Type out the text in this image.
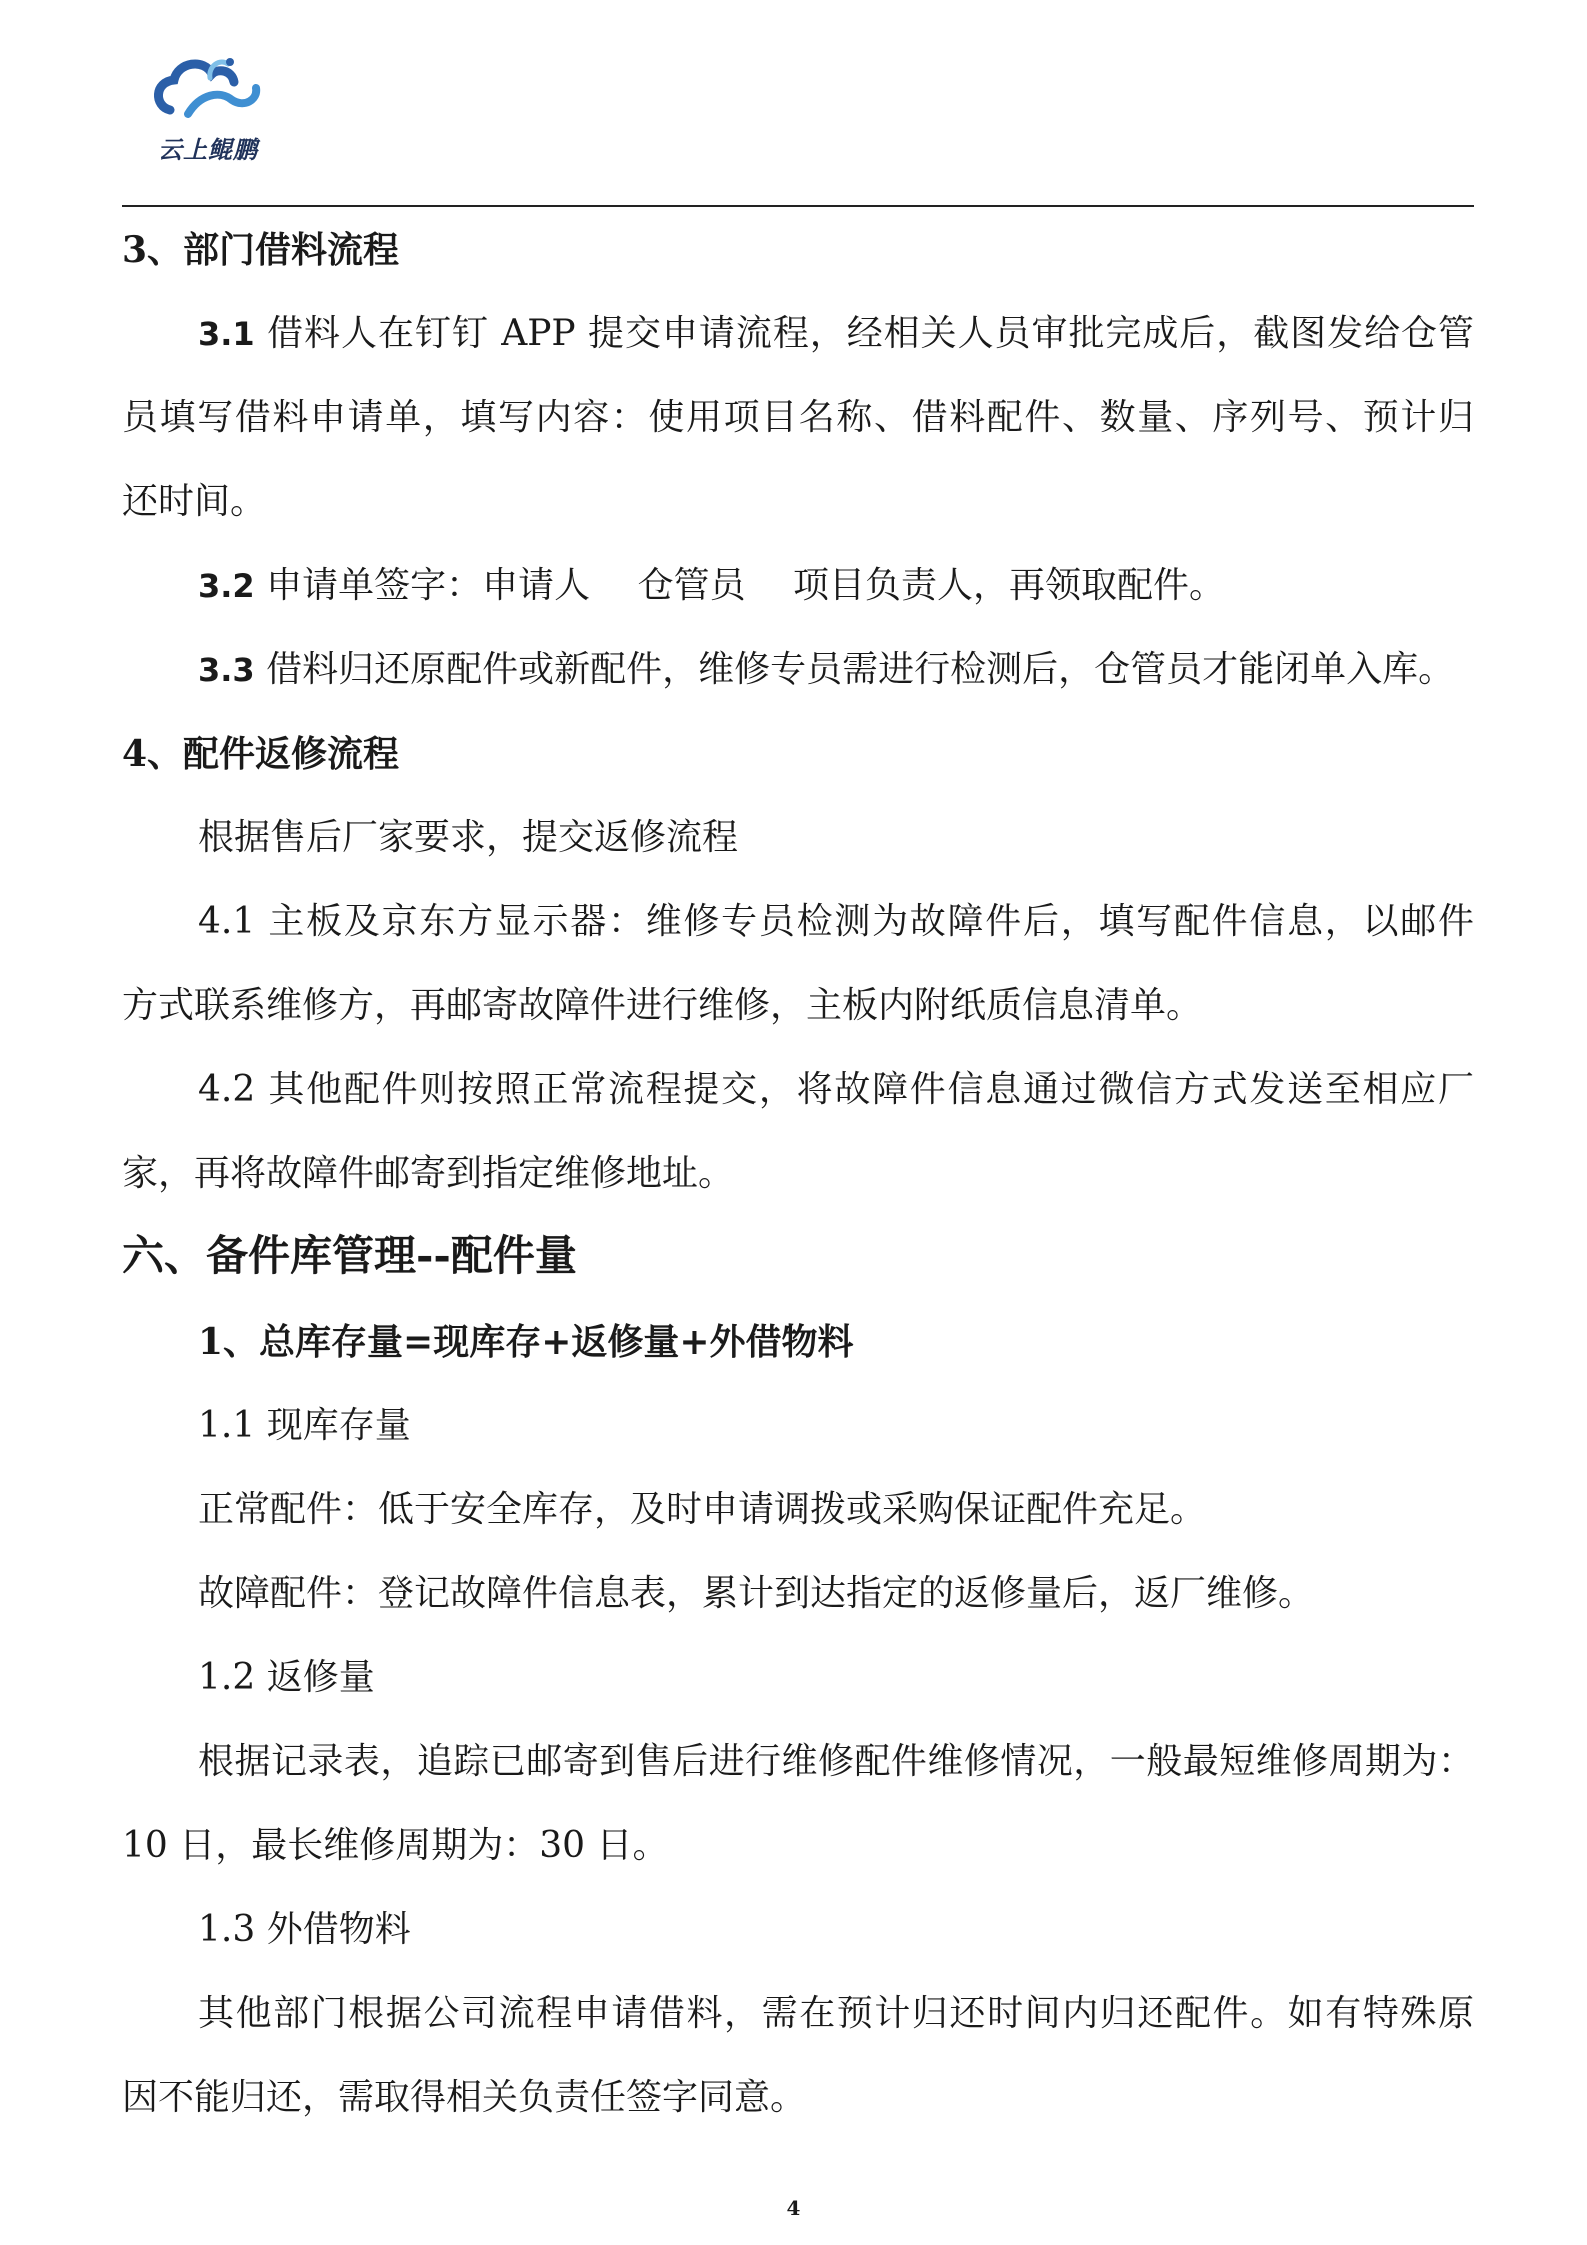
云上鲲鹏
3、部门借料流程
3.1 借料人在钉钉 APP 提交申请流程，经相关人员审批完成后，截图发给仓管
员填写借料申请单，填写内容：使用项目名称、借料配件、数量、序列号、预计归
还时间。
3.2 申请单签字：申请人　 仓管员　 项目负责人，再领取配件。
3.3 借料归还原配件或新配件，维修专员需进行检测后，仓管员才能闭单入库。
4、配件返修流程
根据售后厂家要求，提交返修流程
4.1 主板及京东方显示器：维修专员检测为故障件后，填写配件信息，以邮件
方式联系维修方，再邮寄故障件进行维修，主板内附纸质信息清单。
4.2 其他配件则按照正常流程提交，将故障件信息通过微信方式发送至相应厂
家，再将故障件邮寄到指定维修地址。
六、备件库管理--配件量
1、总库存量=现库存+返修量+外借物料
1.1 现库存量
正常配件：低于安全库存，及时申请调拨或采购保证配件充足。
故障配件：登记故障件信息表，累计到达指定的返修量后，返厂维修。
1.2 返修量
根据记录表，追踪已邮寄到售后进行维修配件维修情况，一般最短维修周期为：
10 日，最长维修周期为：30 日。
1.3 外借物料
其他部门根据公司流程申请借料，需在预计归还时间内归还配件。如有特殊原
因不能归还，需取得相关负责任签字同意。
4
